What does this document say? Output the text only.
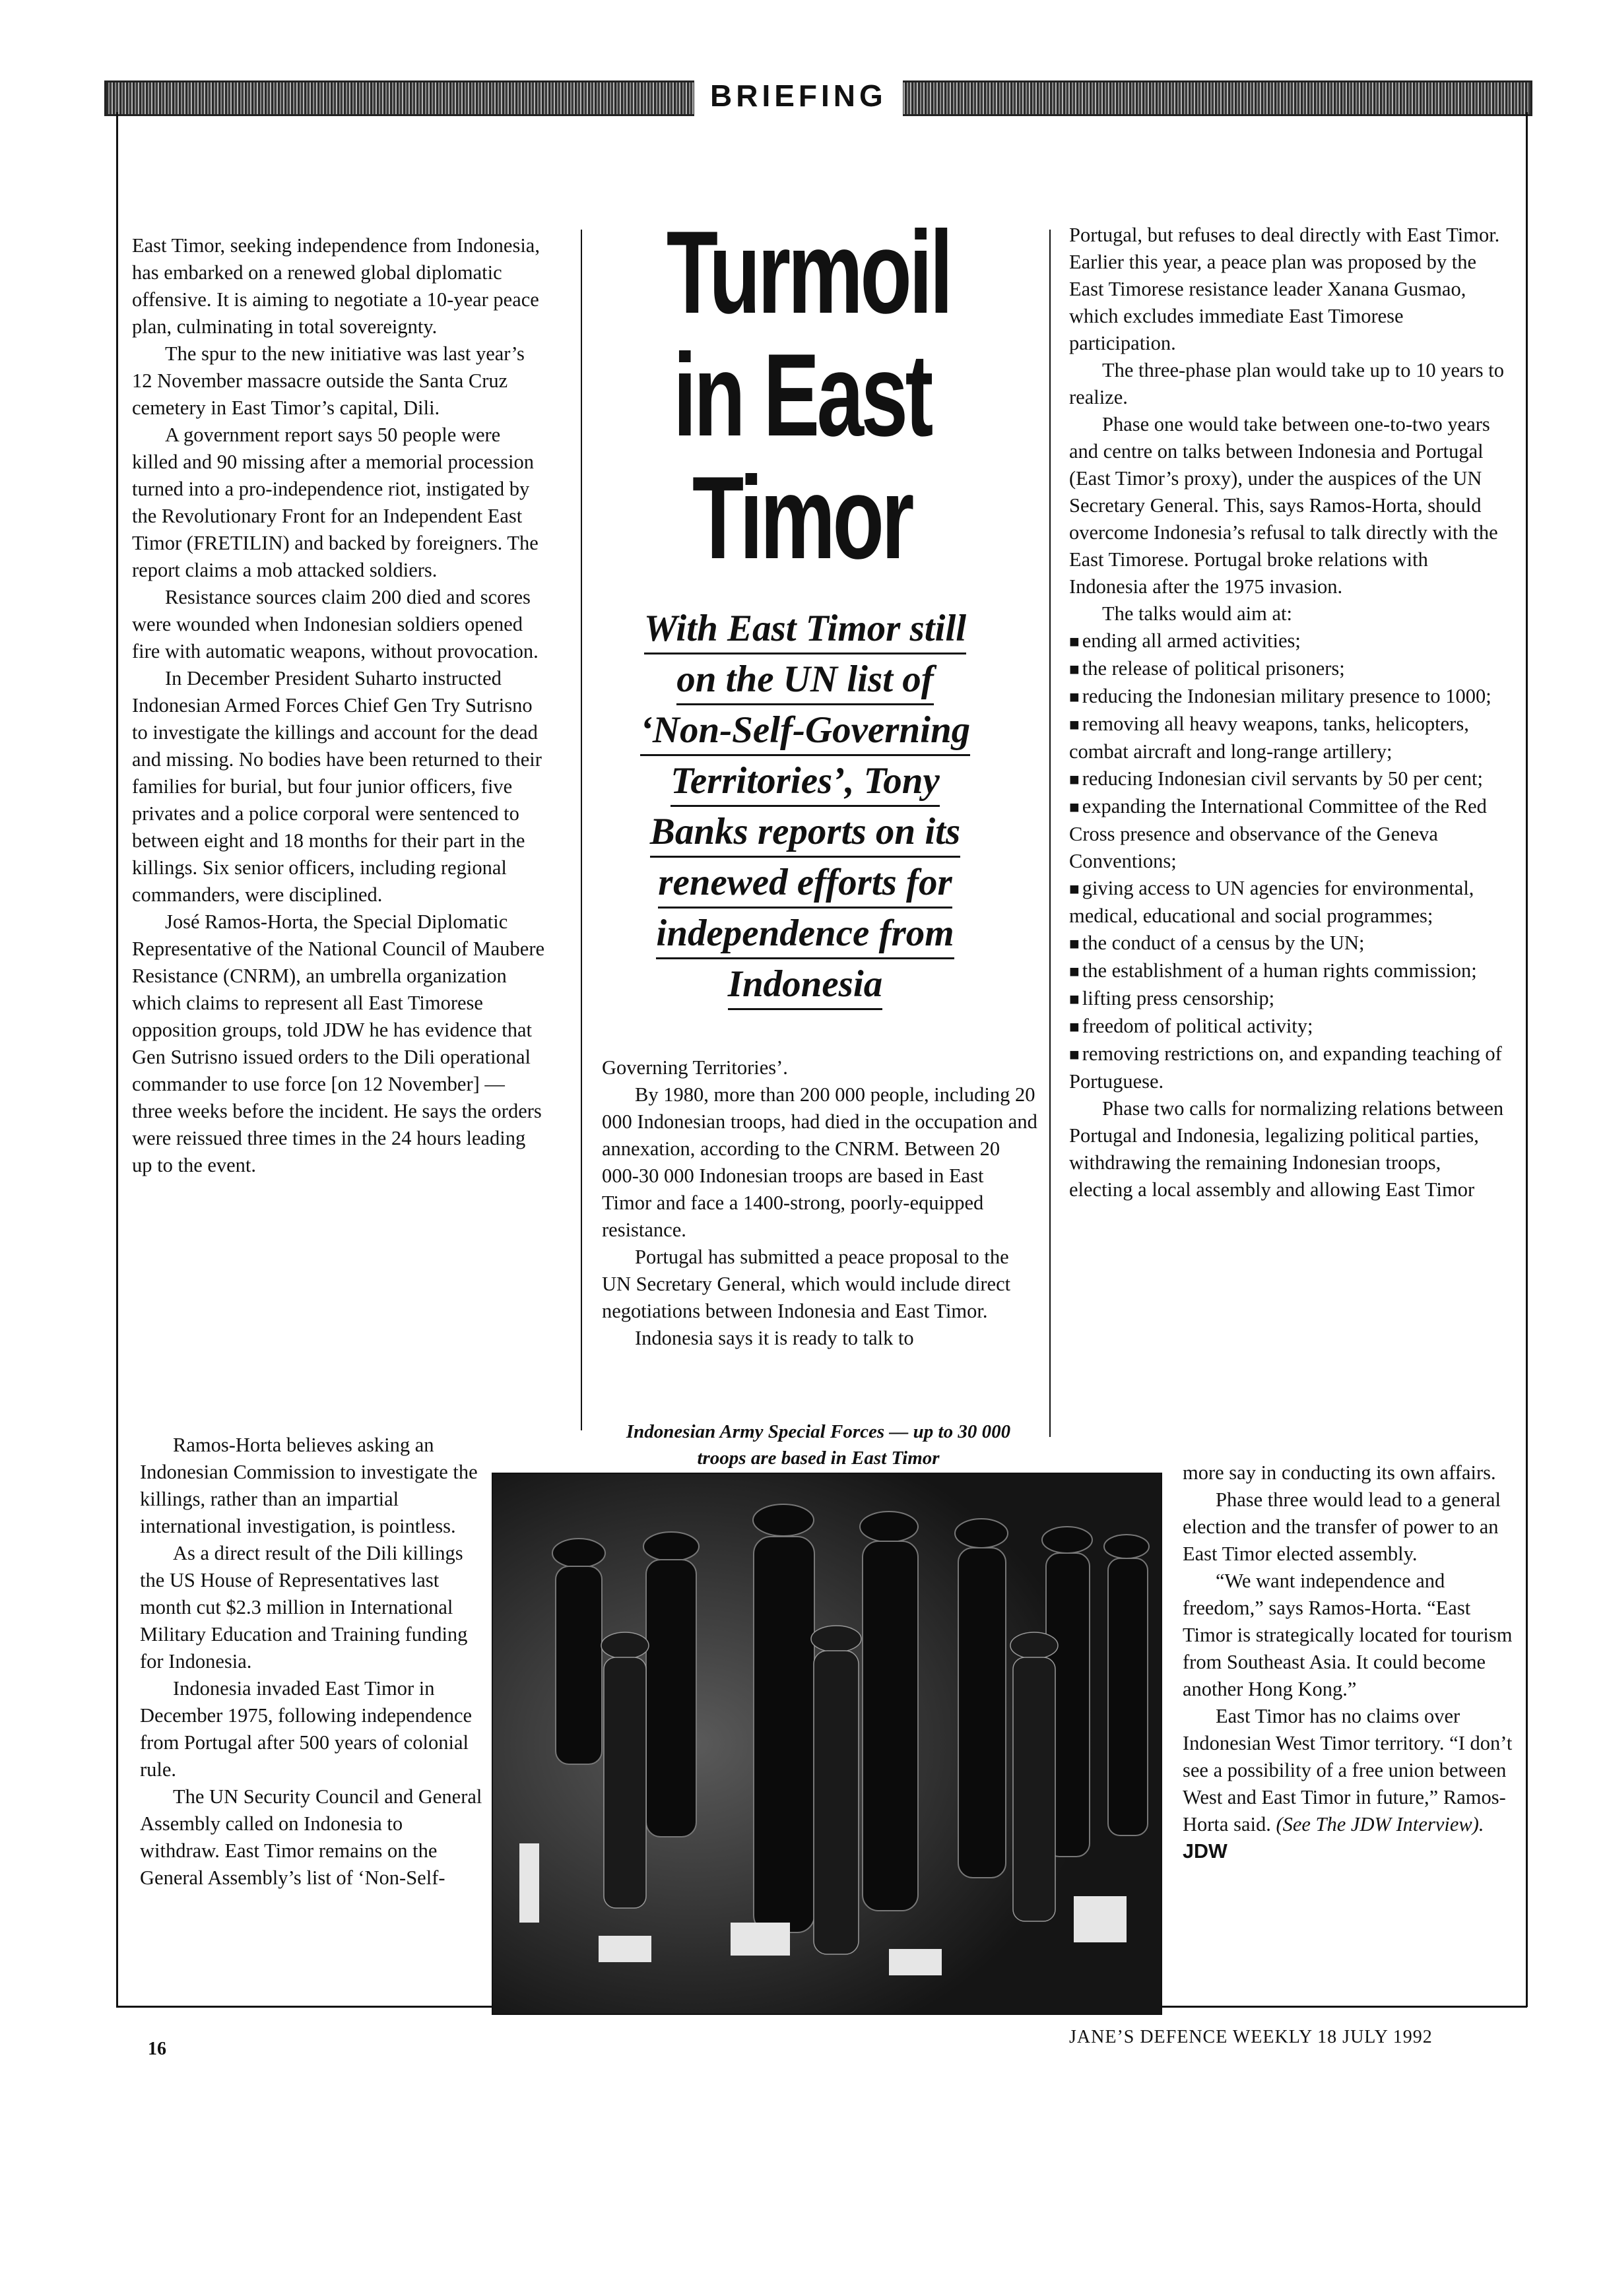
BRIEFING

East Timor, seeking independence from Indonesia, has embarked on a renewed global diplomatic offensive. It is aiming to negotiate a 10-year peace plan, culminating in total sovereignty.

The spur to the new initiative was last year’s 12 November massacre outside the Santa Cruz cemetery in East Timor’s capital, Dili.

A government report says 50 people were killed and 90 missing after a memorial procession turned into a pro-independence riot, instigated by the Revolutionary Front for an Independent East Timor (FRETILIN) and backed by foreigners. The report claims a mob attacked soldiers.

Resistance sources claim 200 died and scores were wounded when Indonesian soldiers opened fire with automatic weapons, without provocation.

In December President Suharto instructed Indonesian Armed Forces Chief Gen Try Sutrisno to investigate the killings and account for the dead and missing. No bodies have been returned to their families for burial, but four junior officers, five privates and a police corporal were sentenced to between eight and 18 months for their part in the killings. Six senior officers, including regional commanders, were disciplined.

José Ramos-Horta, the Special Diplomatic Representative of the National Council of Maubere Resistance (CNRM), an umbrella organization which claims to represent all East Timorese opposition groups, told JDW he has evidence that Gen Sutrisno issued orders to the Dili operational commander to use force [on 12 November] — three weeks before the incident. He says the orders were reissued three times in the 24 hours leading up to the event.

Ramos-Horta believes asking an Indonesian Commission to investigate the killings, rather than an impartial international investigation, is pointless.

As a direct result of the Dili killings the US House of Representatives last month cut $2.3 million in International Military Education and Training funding for Indonesia.

Indonesia invaded East Timor in December 1975, following independence from Portugal after 500 years of colonial rule.

The UN Security Council and General Assembly called on Indonesia to withdraw. East Timor remains on the General Assembly’s list of ‘Non-Self-

Turmoil
in East
Timor
With East Timor still
on the UN list of
‘Non-Self-Governing
Territories’, Tony
Banks reports on its
renewed efforts for
independence from
Indonesia

Governing Territories’.

By 1980, more than 200 000 people, including 20 000 Indonesian troops, had died in the occupation and annexation, according to the CNRM. Between 20 000-30 000 Indonesian troops are based in East Timor and face a 1400-strong, poorly-equipped resistance.

Portugal has submitted a peace proposal to the UN Secretary General, which would include direct negotiations between Indonesia and East Timor.

Indonesia says it is ready to talk to

Indonesian Army Special Forces — up to 30 000 troops are based in East Timor

Portugal, but refuses to deal directly with East Timor. Earlier this year, a peace plan was proposed by the East Timorese resistance leader Xanana Gusmao, which excludes immediate East Timorese participation.

The three-phase plan would take up to 10 years to realize.

Phase one would take between one-to-two years and centre on talks between Indonesia and Portugal (East Timor’s proxy), under the auspices of the UN Secretary General. This, says Ramos-Horta, should overcome Indonesia’s refusal to talk directly with the East Timorese. Portugal broke relations with Indonesia after the 1975 invasion.

The talks would aim at:

■ ending all armed activities;

■ the release of political prisoners;

■ reducing the Indonesian military presence to 1000;

■ removing all heavy weapons, tanks, helicopters, combat aircraft and long-range artillery;

■ reducing Indonesian civil servants by 50 per cent;

■ expanding the International Committee of the Red Cross presence and observance of the Geneva Conventions;

■ giving access to UN agencies for environmental, medical, educational and social programmes;

■ the conduct of a census by the UN;

■ the establishment of a human rights commission;

■ lifting press censorship;

■ freedom of political activity;

■ removing restrictions on, and expanding teaching of Portuguese.

Phase two calls for normalizing relations between Portugal and Indonesia, legalizing political parties, withdrawing the remaining Indonesian troops, electing a local assembly and allowing East Timor

more say in conducting its own affairs.

Phase three would lead to a general election and the transfer of power to an East Timor elected assembly.

“We want independence and freedom,” says Ramos-Horta. “East Timor is strategically located for tourism from Southeast Asia. It could become another Hong Kong.”

East Timor has no claims over Indonesian West Timor territory. “I don’t see a possibility of a free union between West and East Timor in future,” Ramos-Horta said. (See The JDW Interview). JDW

16
JANE’S DEFENCE WEEKLY 18 JULY 1992
